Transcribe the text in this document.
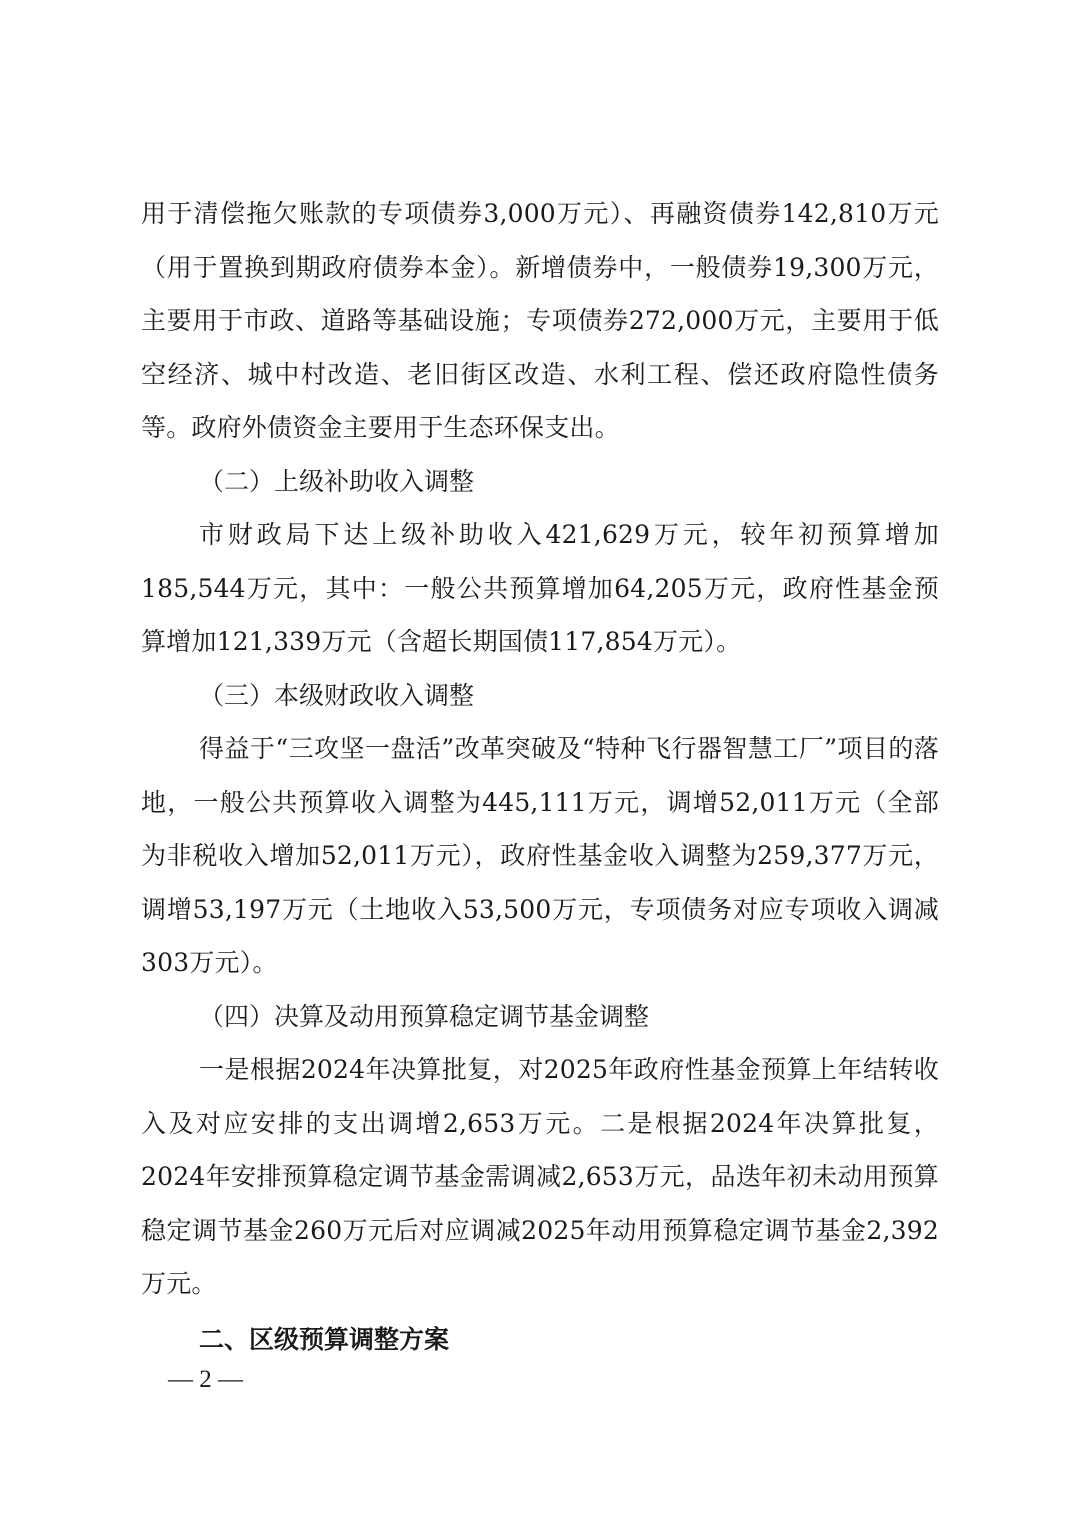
用于清偿拖欠账款的专项债券3,000万元）、再融资债券142,810万元（用于置换到期政府债券本金）。新增债券中，一般债券19,300万元，主要用于市政、道路等基础设施；专项债券272,000万元，主要用于低空经济、城中村改造、老旧街区改造、水利工程、偿还政府隐性债务等。政府外债资金主要用于生态环保支出。

（二）上级补助收入调整

市财政局下达上级补助收入421,629万元，较年初预算增加185,544万元，其中：一般公共预算增加64,205万元，政府性基金预算增加121,339万元（含超长期国债117,854万元）。

（三）本级财政收入调整

得益于“三攻坚一盘活”改革突破及“特种飞行器智慧工厂”项目的落地，一般公共预算收入调整为445,111万元，调增52,011万元（全部为非税收入增加52,011万元），政府性基金收入调整为259,377万元，调增53,197万元（土地收入53,500万元，专项债务对应专项收入调减303万元）。

（四）决算及动用预算稳定调节基金调整

一是根据2024年决算批复，对2025年政府性基金预算上年结转收入及对应安排的支出调增2,653万元。二是根据2024年决算批复，2024年安排预算稳定调节基金需调减2,653万元，品迭年初未动用预算稳定调节基金260万元后对应调减2025年动用预算稳定调节基金2,392万元。

二、区级预算调整方案

— 2 —
